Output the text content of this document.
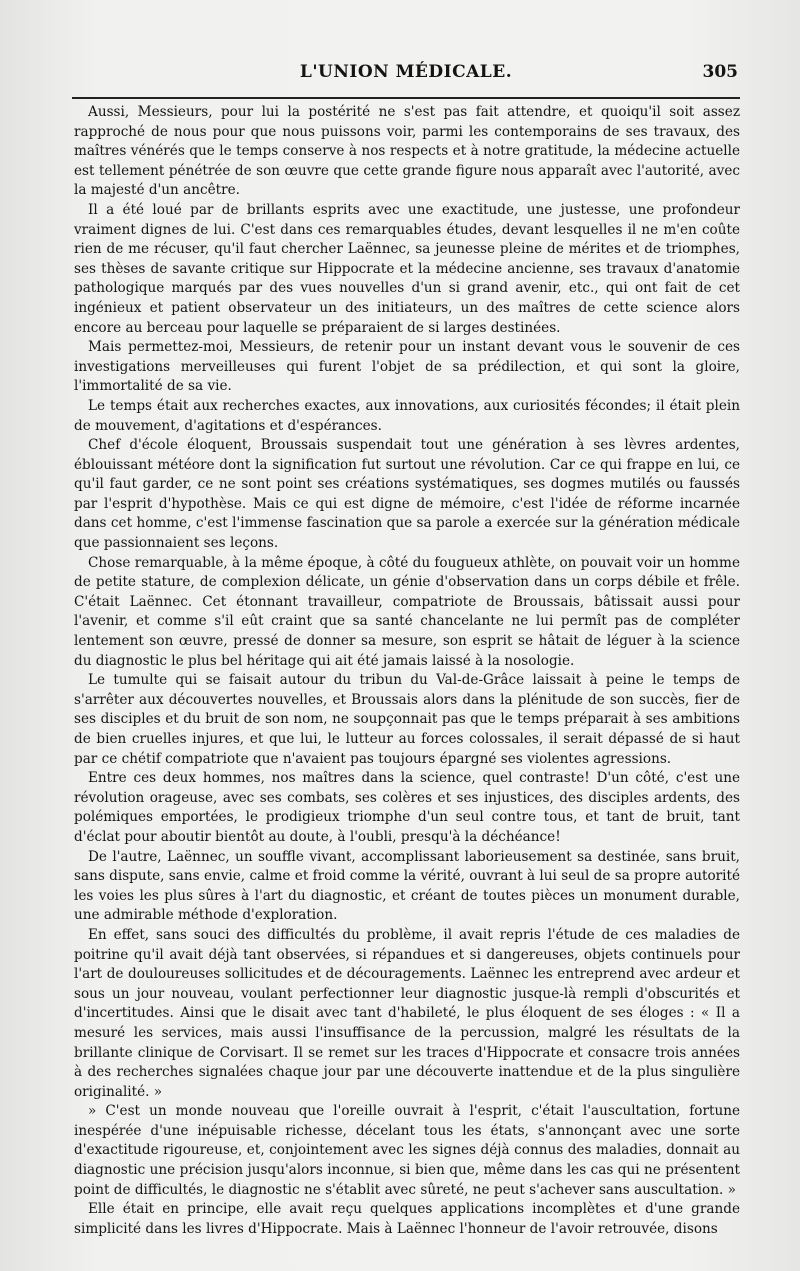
L'UNION MÉDICALE.	305

Aussi, Messieurs, pour lui la postérité ne s'est pas fait attendre, et quoiqu'il soit assez rapproché de nous pour que nous puissons voir, parmi les contemporains de ses travaux, des maîtres vénérés que le temps conserve à nos respects et à notre gratitude, la médecine actuelle est tellement pénétrée de son œuvre que cette grande figure nous apparaît avec l'autorité, avec la majesté d'un ancêtre.

Il a été loué par de brillants esprits avec une exactitude, une justesse, une profondeur vraiment dignes de lui. C'est dans ces remarquables études, devant lesquelles il ne m'en coûte rien de me récuser, qu'il faut chercher Laënnec, sa jeunesse pleine de mérites et de triomphes, ses thèses de savante critique sur Hippocrate et la médecine ancienne, ses travaux d'anatomie pathologique marqués par des vues nouvelles d'un si grand avenir, etc., qui ont fait de cet ingénieux et patient observateur un des initiateurs, un des maîtres de cette science alors encore au berceau pour laquelle se préparaient de si larges destinées.

Mais permettez-moi, Messieurs, de retenir pour un instant devant vous le souvenir de ces investigations merveilleuses qui furent l'objet de sa prédilection, et qui sont la gloire, l'immortalité de sa vie.

Le temps était aux recherches exactes, aux innovations, aux curiosités fécondes; il était plein de mouvement, d'agitations et d'espérances.

Chef d'école éloquent, Broussais suspendait tout une génération à ses lèvres ardentes, éblouissant météore dont la signification fut surtout une révolution. Car ce qui frappe en lui, ce qu'il faut garder, ce ne sont point ses créations systématiques, ses dogmes mutilés ou faussés par l'esprit d'hypothèse. Mais ce qui est digne de mémoire, c'est l'idée de réforme incarnée dans cet homme, c'est l'immense fascination que sa parole a exercée sur la génération médicale que passionnaient ses leçons.

Chose remarquable, à la même époque, à côté du fougueux athlète, on pouvait voir un homme de petite stature, de complexion délicate, un génie d'observation dans un corps débile et frêle. C'était Laënnec. Cet étonnant travailleur, compatriote de Broussais, bâtissait aussi pour l'avenir, et comme s'il eût craint que sa santé chancelante ne lui permît pas de compléter lentement son œuvre, pressé de donner sa mesure, son esprit se hâtait de léguer à la science du diagnostic le plus bel héritage qui ait été jamais laissé à la nosologie.

Le tumulte qui se faisait autour du tribun du Val-de-Grâce laissait à peine le temps de s'arrêter aux découvertes nouvelles, et Broussais alors dans la plénitude de son succès, fier de ses disciples et du bruit de son nom, ne soupçonnait pas que le temps préparait à ses ambitions de bien cruelles injures, et que lui, le lutteur au forces colossales, il serait dépassé de si haut par ce chétif compatriote que n'avaient pas toujours épargné ses violentes agressions.

Entre ces deux hommes, nos maîtres dans la science, quel contraste! D'un côté, c'est une révolution orageuse, avec ses combats, ses colères et ses injustices, des disciples ardents, des polémiques emportées, le prodigieux triomphe d'un seul contre tous, et tant de bruit, tant d'éclat pour aboutir bientôt au doute, à l'oubli, presqu'à la déchéance!

De l'autre, Laënnec, un souffle vivant, accomplissant laborieusement sa destinée, sans bruit, sans dispute, sans envie, calme et froid comme la vérité, ouvrant à lui seul de sa propre autorité les voies les plus sûres à l'art du diagnostic, et créant de toutes pièces un monument durable, une admirable méthode d'exploration.

En effet, sans souci des difficultés du problème, il avait repris l'étude de ces maladies de poitrine qu'il avait déjà tant observées, si répandues et si dangereuses, objets continuels pour l'art de douloureuses sollicitudes et de découragements. Laënnec les entreprend avec ardeur et sous un jour nouveau, voulant perfectionner leur diagnostic jusque-là rempli d'obscurités et d'incertitudes. Ainsi que le disait avec tant d'habileté, le plus éloquent de ses éloges : « Il a mesuré les services, mais aussi l'insuffisance de la percussion, malgré les résultats de la brillante clinique de Corvisart. Il se remet sur les traces d'Hippocrate et consacre trois années à des recherches signalées chaque jour par une découverte inattendue et de la plus singulière originalité. »

» C'est un monde nouveau que l'oreille ouvrait à l'esprit, c'était l'auscultation, fortune inespérée d'une inépuisable richesse, décelant tous les états, s'annonçant avec une sorte d'exactitude rigoureuse, et, conjointement avec les signes déjà connus des maladies, donnait au diagnostic une précision jusqu'alors inconnue, si bien que, même dans les cas qui ne présentent point de difficultés, le diagnostic ne s'établit avec sûreté, ne peut s'achever sans auscultation. »

Elle était en principe, elle avait reçu quelques applications incomplètes et d'une grande simplicité dans les livres d'Hippocrate. Mais à Laënnec l'honneur de l'avoir retrouvée, disons
